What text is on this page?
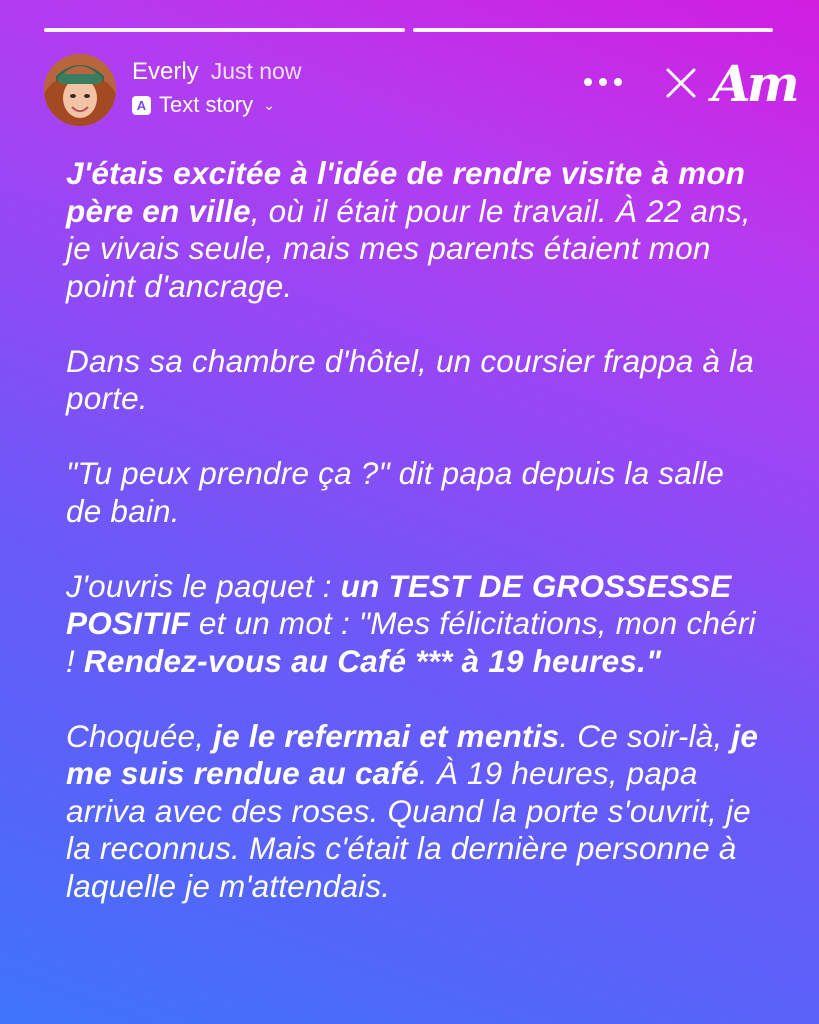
Everly Just now
A Text story ⌄	Am

J'étais excitée à l'idée de rendre visite à mon père en ville, où il était pour le travail. À 22 ans, je vivais seule, mais mes parents étaient mon point d'ancrage.

Dans sa chambre d'hôtel, un coursier frappa à la porte.

"Tu peux prendre ça ?" dit papa depuis la salle de bain.

J'ouvris le paquet : un TEST DE GROSSESSE POSITIF et un mot : "Mes félicitations, mon chéri ! Rendez-vous au Café *** à 19 heures."

Choquée, je le refermai et mentis. Ce soir-là, je me suis rendue au café. À 19 heures, papa arriva avec des roses. Quand la porte s'ouvrit, je la reconnus. Mais c'était la dernière personne à laquelle je m'attendais.
